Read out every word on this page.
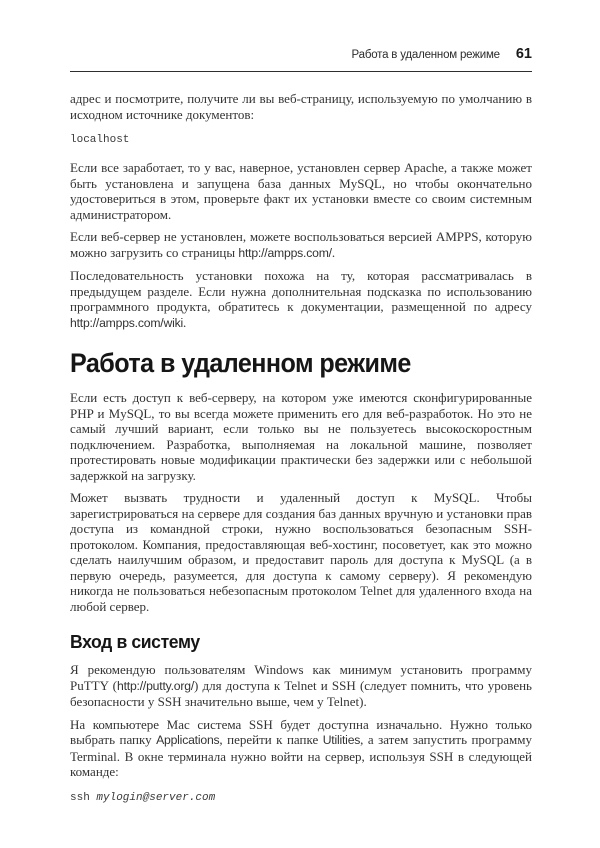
Работа в удаленном режиме 61

адрес и посмотрите, получите ли вы веб-страницу, используемую по умолчанию в исходном источнике документов:

localhost

Если все заработает, то у вас, наверное, установлен сервер Apache, а также может быть установлена и запущена база данных MySQL, но чтобы окончательно удостовериться в этом, проверьте факт их установки вместе со своим системным администратором.

Если веб-сервер не установлен, можете воспользоваться версией AMPPS, которую можно загрузить со страницы http://ampps.com/.

Последовательность установки похожа на ту, которая рассматривалась в предыдущем разделе. Если нужна дополнительная подсказка по использованию программного продукта, обратитесь к документации, размещенной по адресу http://ampps.com/wiki.

Работа в удаленном режиме

Если есть доступ к веб-серверу, на котором уже имеются сконфигурированные PHP и MySQL, то вы всегда можете применить его для веб-разработок. Но это не самый лучший вариант, если только вы не пользуетесь высокоскоростным подключением. Разработка, выполняемая на локальной машине, позволяет протестировать новые модификации практически без задержки или с небольшой задержкой на загрузку.

Может вызвать трудности и удаленный доступ к MySQL. Чтобы зарегистрироваться на сервере для создания баз данных вручную и установки прав доступа из командной строки, нужно воспользоваться безопасным SSH-протоколом. Компания, предоставляющая веб-хостинг, посоветует, как это можно сделать наилучшим образом, и предоставит пароль для доступа к MySQL (а в первую очередь, разумеется, для доступа к самому серверу). Я рекомендую никогда не пользоваться небезопасным протоколом Telnet для удаленного входа на любой сервер.

Вход в систему

Я рекомендую пользователям Windows как минимум установить программу PuTTY (http://putty.org/) для доступа к Telnet и SSH (следует помнить, что уровень безопасности у SSH значительно выше, чем у Telnet).

На компьютере Mac система SSH будет доступна изначально. Нужно только выбрать папку Applications, перейти к папке Utilities, а затем запустить программу Terminal. В окне терминала нужно войти на сервер, используя SSH в следующей команде:

ssh mylogin@server.com
